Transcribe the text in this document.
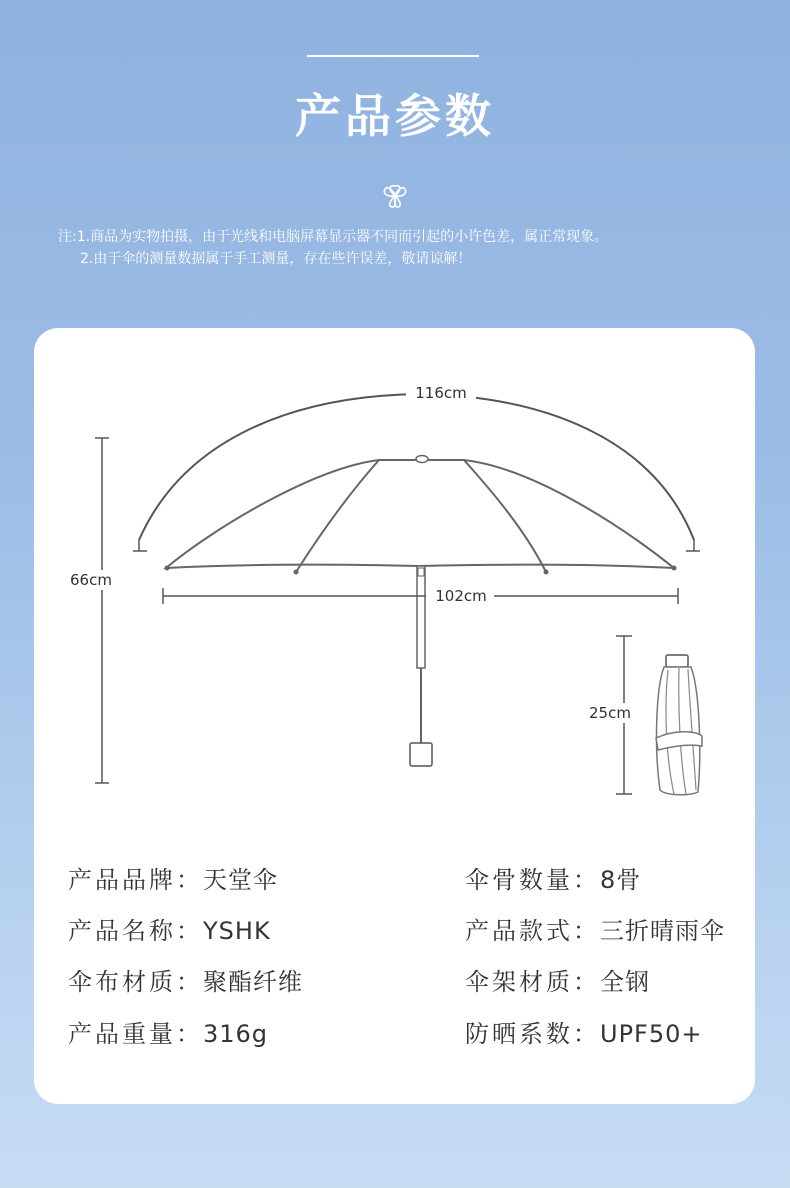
产品参数
注:1.商品为实物拍摄，由于光线和电脑屏幕显示器不同而引起的小许色差，属正常现象。
2.由于伞的测量数据属于手工测量，存在些许误差，敬请谅解！
116cm
102cm
66cm
25cm
产品品牌：天堂伞
产品名称：YSHK
伞布材质：聚酯纤维
产品重量：316g
伞骨数量：8骨
产品款式：三折晴雨伞
伞架材质：全钢
防晒系数：UPF50+
